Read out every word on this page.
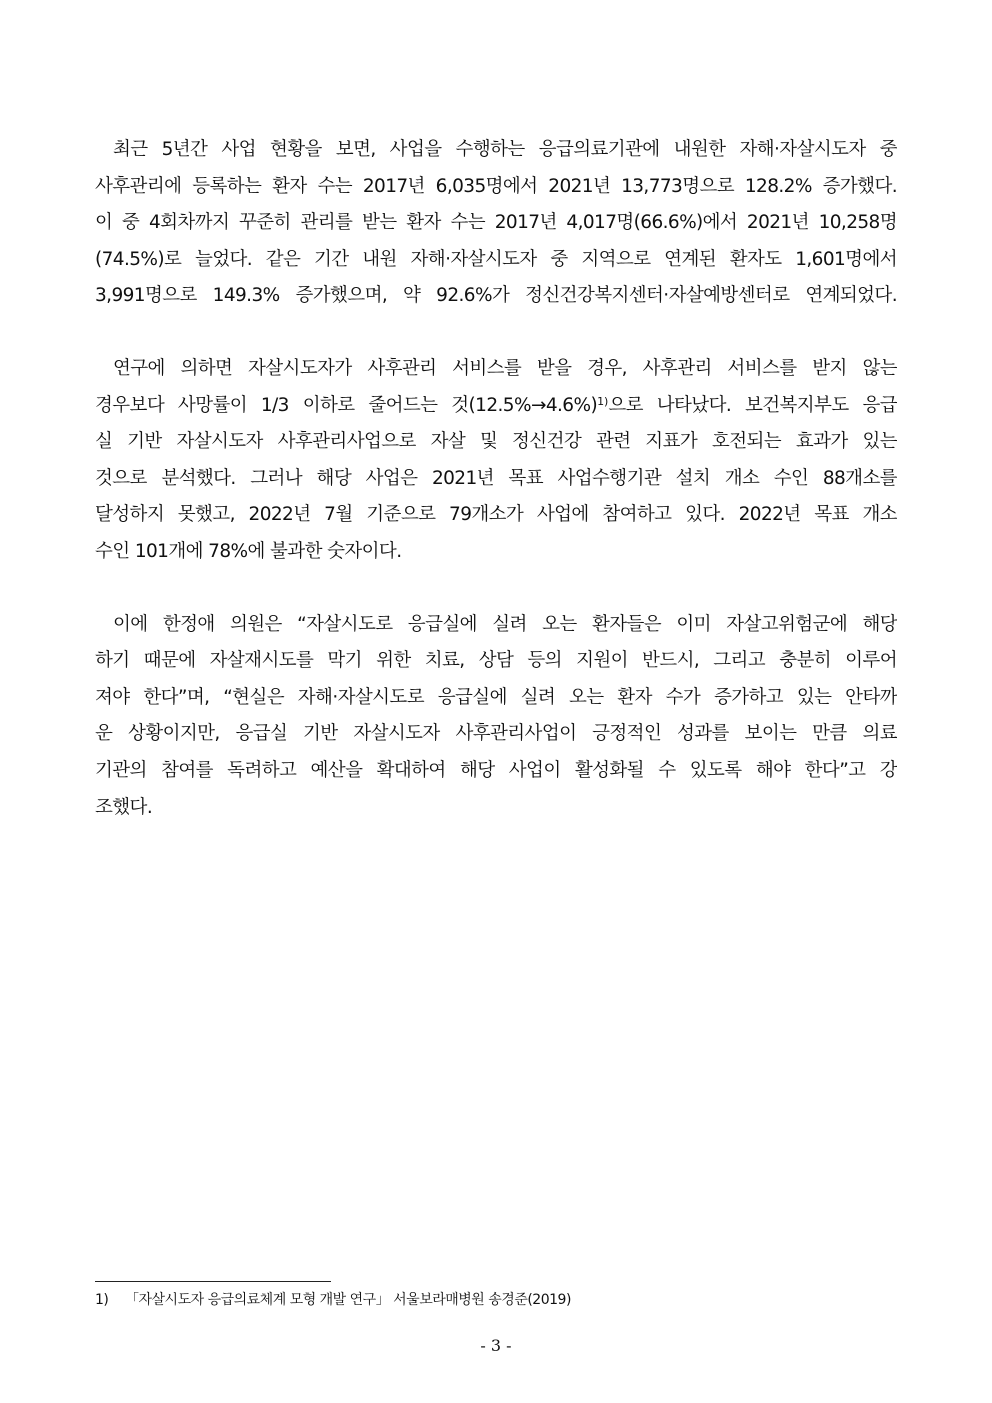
최근 5년간 사업 현황을 보면, 사업을 수행하는 응급의료기관에 내원한 자해·자살시도자 중
사후관리에 등록하는 환자 수는 2017년 6,035명에서 2021년 13,773명으로 128.2% 증가했다.
이 중 4회차까지 꾸준히 관리를 받는 환자 수는 2017년 4,017명(66.6%)에서 2021년 10,258명
(74.5%)로 늘었다. 같은 기간 내원 자해·자살시도자 중 지역으로 연계된 환자도 1,601명에서
3,991명으로 149.3% 증가했으며, 약 92.6%가 정신건강복지센터·자살예방센터로 연계되었다.
연구에 의하면 자살시도자가 사후관리 서비스를 받을 경우, 사후관리 서비스를 받지 않는
경우보다 사망률이 1/3 이하로 줄어드는 것(12.5%→4.6%)$^{1)}$으로 나타났다. 보건복지부도 응급
실 기반 자살시도자 사후관리사업으로 자살 및 정신건강 관련 지표가 호전되는 효과가 있는
것으로 분석했다. 그러나 해당 사업은 2021년 목표 사업수행기관 설치 개소 수인 88개소를
달성하지 못했고, 2022년 7월 기준으로 79개소가 사업에 참여하고 있다. 2022년 목표 개소
수인 101개에 78%에 불과한 숫자이다.
이에 한정애 의원은 “자살시도로 응급실에 실려 오는 환자들은 이미 자살고위험군에 해당
하기 때문에 자살재시도를 막기 위한 치료, 상담 등의 지원이 반드시, 그리고 충분히 이루어
져야 한다”며, “현실은 자해·자살시도로 응급실에 실려 오는 환자 수가 증가하고 있는 안타까
운 상황이지만, 응급실 기반 자살시도자 사후관리사업이 긍정적인 성과를 보이는 만큼 의료
기관의 참여를 독려하고 예산을 확대하여 해당 사업이 활성화될 수 있도록 해야 한다”고 강
조했다.
1) 「자살시도자 응급의료체계 모형 개발 연구」 서울보라매병원 송경준(2019)
- 3 -
